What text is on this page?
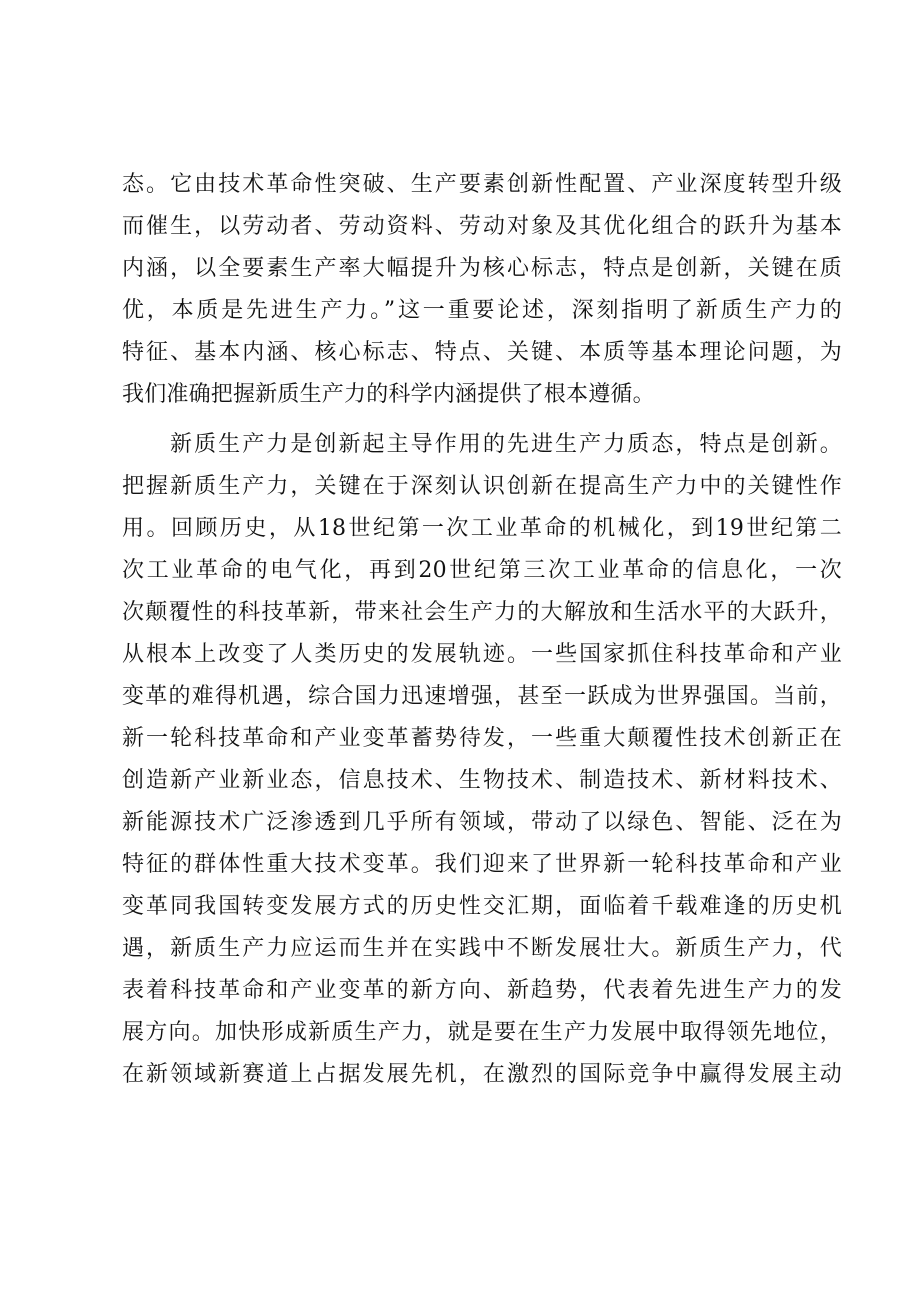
态。它由技术革命性突破、生产要素创新性配置、产业深度转型升级

而催生，以劳动者、劳动资料、劳动对象及其优化组合的跃升为基本

内涵，以全要素生产率大幅提升为核心标志，特点是创新，关键在质

优，本质是先进生产力。”这一重要论述，深刻指明了新质生产力的

特征、基本内涵、核心标志、特点、关键、本质等基本理论问题，为

我们准确把握新质生产力的科学内涵提供了根本遵循。

新质生产力是创新起主导作用的先进生产力质态，特点是创新。

把握新质生产力，关键在于深刻认识创新在提高生产力中的关键性作

用。回顾历史，从18世纪第一次工业革命的机械化，到19世纪第二

次工业革命的电气化，再到20世纪第三次工业革命的信息化，一次

次颠覆性的科技革新，带来社会生产力的大解放和生活水平的大跃升，

从根本上改变了人类历史的发展轨迹。一些国家抓住科技革命和产业

变革的难得机遇，综合国力迅速增强，甚至一跃成为世界强国。当前，

新一轮科技革命和产业变革蓄势待发，一些重大颠覆性技术创新正在

创造新产业新业态，信息技术、生物技术、制造技术、新材料技术、

新能源技术广泛渗透到几乎所有领域，带动了以绿色、智能、泛在为

特征的群体性重大技术变革。我们迎来了世界新一轮科技革命和产业

变革同我国转变发展方式的历史性交汇期，面临着千载难逢的历史机

遇，新质生产力应运而生并在实践中不断发展壮大。新质生产力，代

表着科技革命和产业变革的新方向、新趋势，代表着先进生产力的发

展方向。加快形成新质生产力，就是要在生产力发展中取得领先地位，

在新领域新赛道上占据发展先机，在激烈的国际竞争中赢得发展主动
